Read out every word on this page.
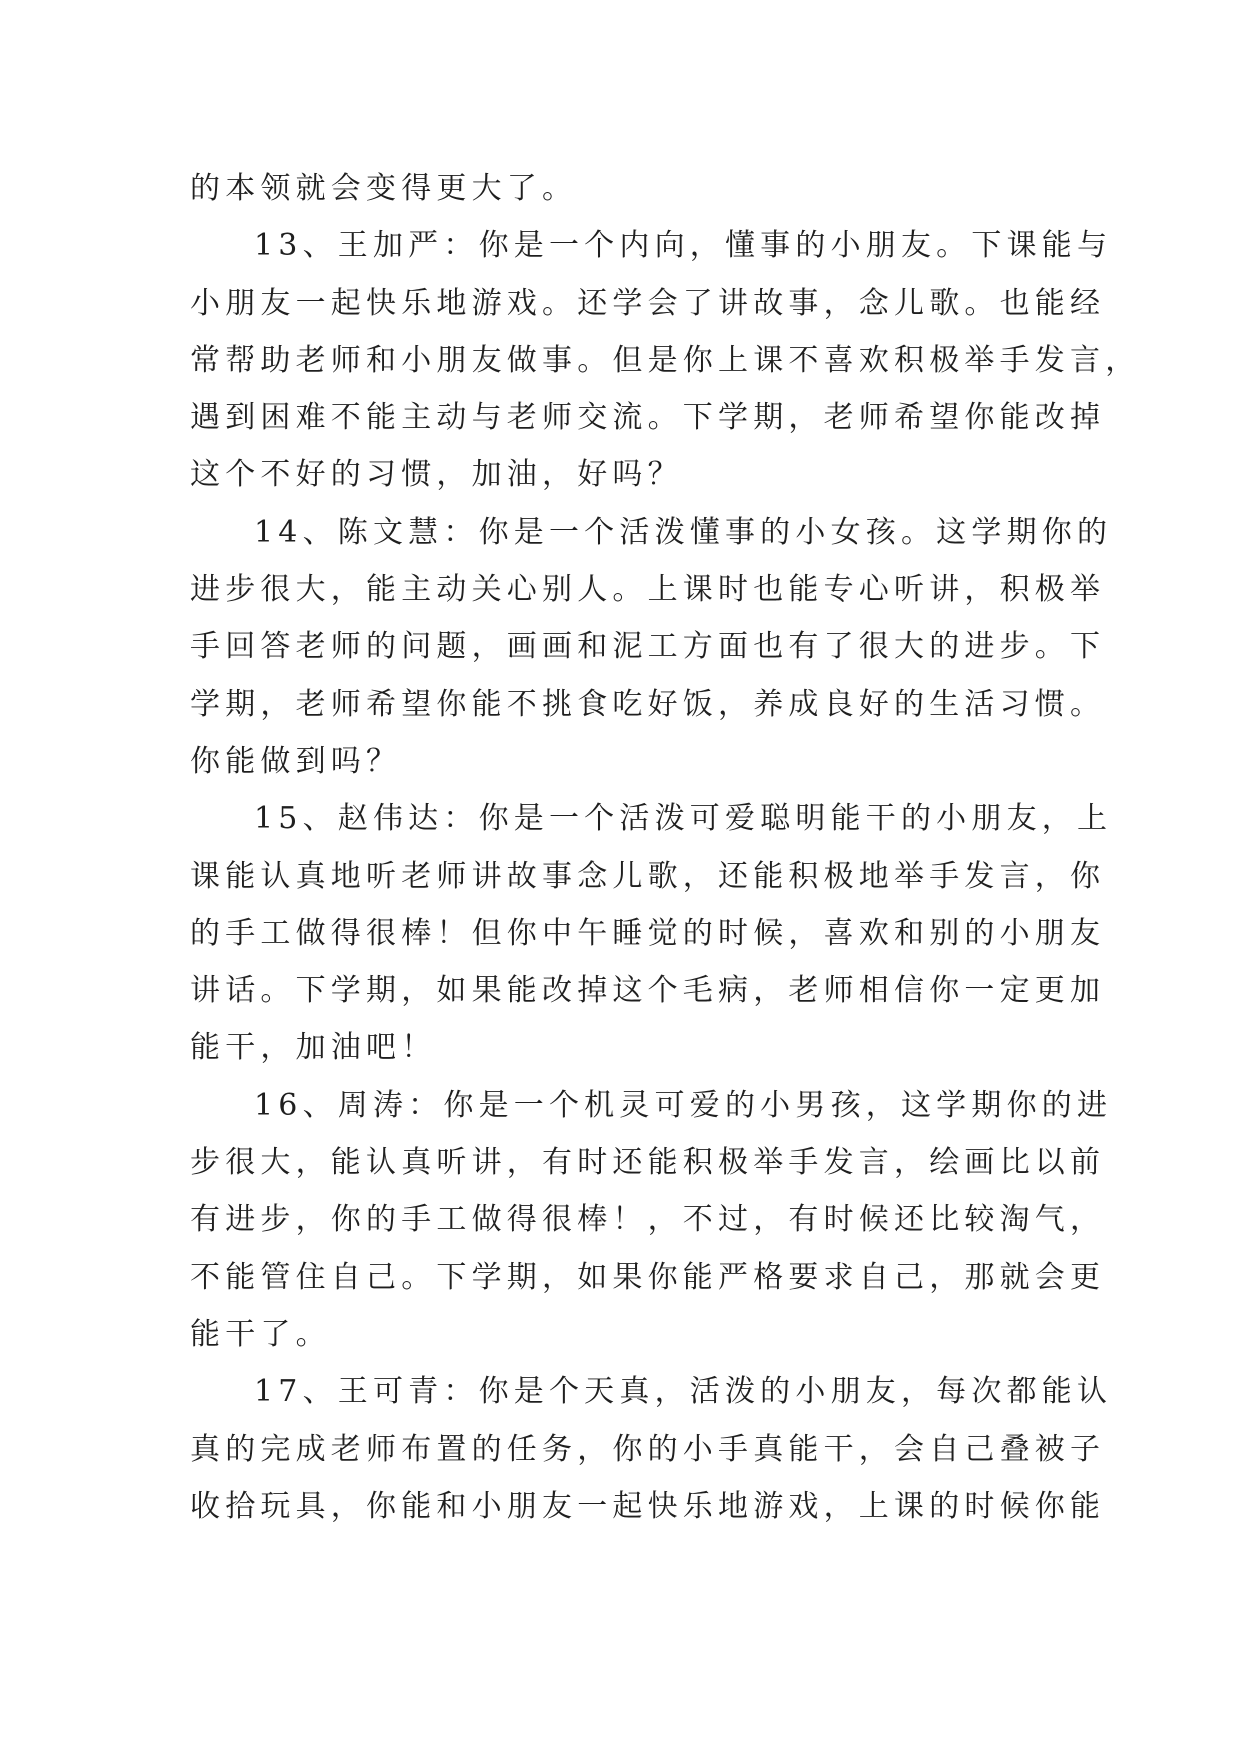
的本领就会变得更大了。
13、王加严：你是一个内向，懂事的小朋友。下课能与
小朋友一起快乐地游戏。还学会了讲故事，念儿歌。也能经
常帮助老师和小朋友做事。但是你上课不喜欢积极举手发言，
遇到困难不能主动与老师交流。下学期，老师希望你能改掉
这个不好的习惯，加油，好吗？
14、陈文慧：你是一个活泼懂事的小女孩。这学期你的
进步很大，能主动关心别人。上课时也能专心听讲，积极举
手回答老师的问题，画画和泥工方面也有了很大的进步。下
学期，老师希望你能不挑食吃好饭，养成良好的生活习惯。
你能做到吗？
15、赵伟达：你是一个活泼可爱聪明能干的小朋友，上
课能认真地听老师讲故事念儿歌，还能积极地举手发言，你
的手工做得很棒！但你中午睡觉的时候，喜欢和别的小朋友
讲话。下学期，如果能改掉这个毛病，老师相信你一定更加
能干，加油吧！
16、周涛：你是一个机灵可爱的小男孩，这学期你的进
步很大，能认真听讲，有时还能积极举手发言，绘画比以前
有进步，你的手工做得很棒！，不过，有时候还比较淘气，
不能管住自己。下学期，如果你能严格要求自己，那就会更
能干了。
17、王可青：你是个天真，活泼的小朋友，每次都能认
真的完成老师布置的任务，你的小手真能干，会自己叠被子
收拾玩具，你能和小朋友一起快乐地游戏，上课的时候你能
